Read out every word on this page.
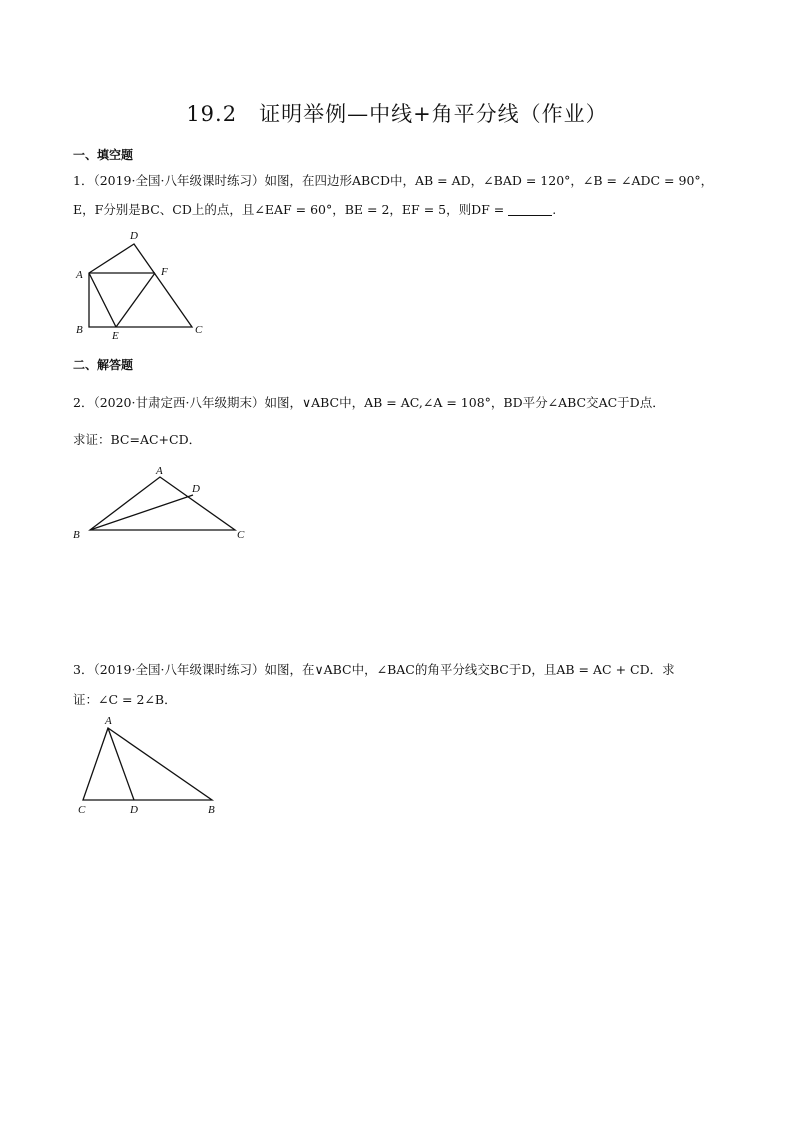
19.2　证明举例—中线+角平分线（作业）
一、填空题
1．（2019·全国·八年级课时练习）如图，在四边形ABCD中，AB = AD，∠BAD = 120°，∠B = ∠ADC = 90°，
E，F分别是BC、CD上的点，且∠EAF = 60°，BE = 2，EF = 5，则DF =	.
D
A	F
B	E	C
二、解答题
2．（2020·甘肃定西·八年级期末）如图，∨ABC中，AB = AC,∠A = 108°，BD平分∠ABC交AC于D点．
求证：BC=AC+CD．
A
D
B	C
3．（2019·全国·八年级课时练习）如图，在∨ABC中，∠BAC的角平分线交BC于D，且AB = AC + CD．求
证：∠C = 2∠B．
A
C	D	B
